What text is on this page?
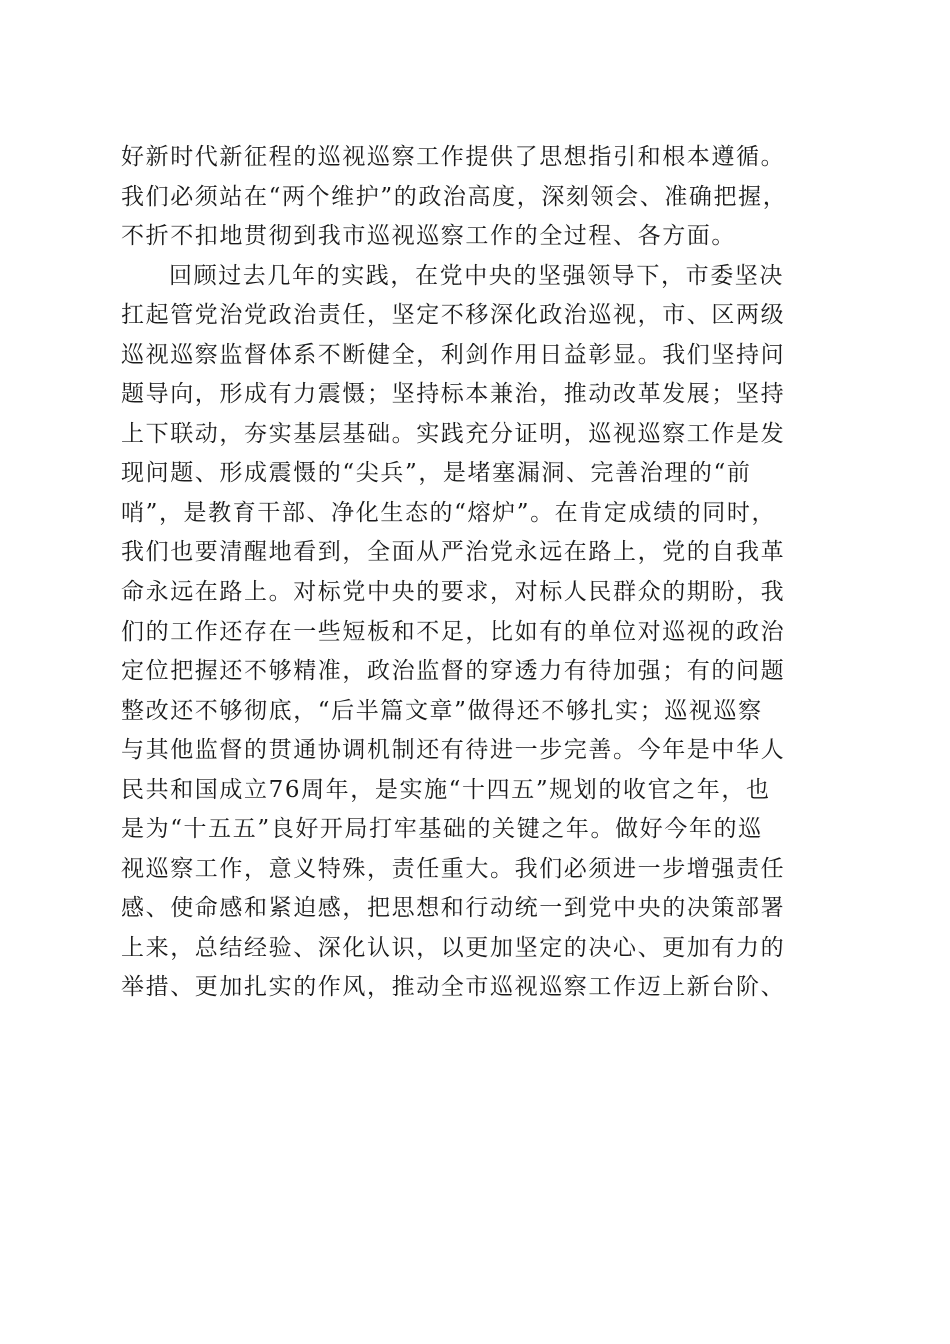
好新时代新征程的巡视巡察工作提供了思想指引和根本遵循。
我们必须站在“两个维护”的政治高度，深刻领会、准确把握，
不折不扣地贯彻到我市巡视巡察工作的全过程、各方面。
回顾过去几年的实践，在党中央的坚强领导下，市委坚决
扛起管党治党政治责任，坚定不移深化政治巡视，市、区两级
巡视巡察监督体系不断健全，利剑作用日益彰显。我们坚持问
题导向，形成有力震慑；坚持标本兼治，推动改革发展；坚持
上下联动，夯实基层基础。实践充分证明，巡视巡察工作是发
现问题、形成震慑的“尖兵”，是堵塞漏洞、完善治理的“前
哨”，是教育干部、净化生态的“熔炉”。在肯定成绩的同时，
我们也要清醒地看到，全面从严治党永远在路上，党的自我革
命永远在路上。对标党中央的要求，对标人民群众的期盼，我
们的工作还存在一些短板和不足，比如有的单位对巡视的政治
定位把握还不够精准，政治监督的穿透力有待加强；有的问题
整改还不够彻底，“后半篇文章”做得还不够扎实；巡视巡察
与其他监督的贯通协调机制还有待进一步完善。今年是中华人
民共和国成立76周年，是实施“十四五”规划的收官之年，也
是为“十五五”良好开局打牢基础的关键之年。做好今年的巡
视巡察工作，意义特殊，责任重大。我们必须进一步增强责任
感、使命感和紧迫感，把思想和行动统一到党中央的决策部署
上来，总结经验、深化认识，以更加坚定的决心、更加有力的
举措、更加扎实的作风，推动全市巡视巡察工作迈上新台阶、
